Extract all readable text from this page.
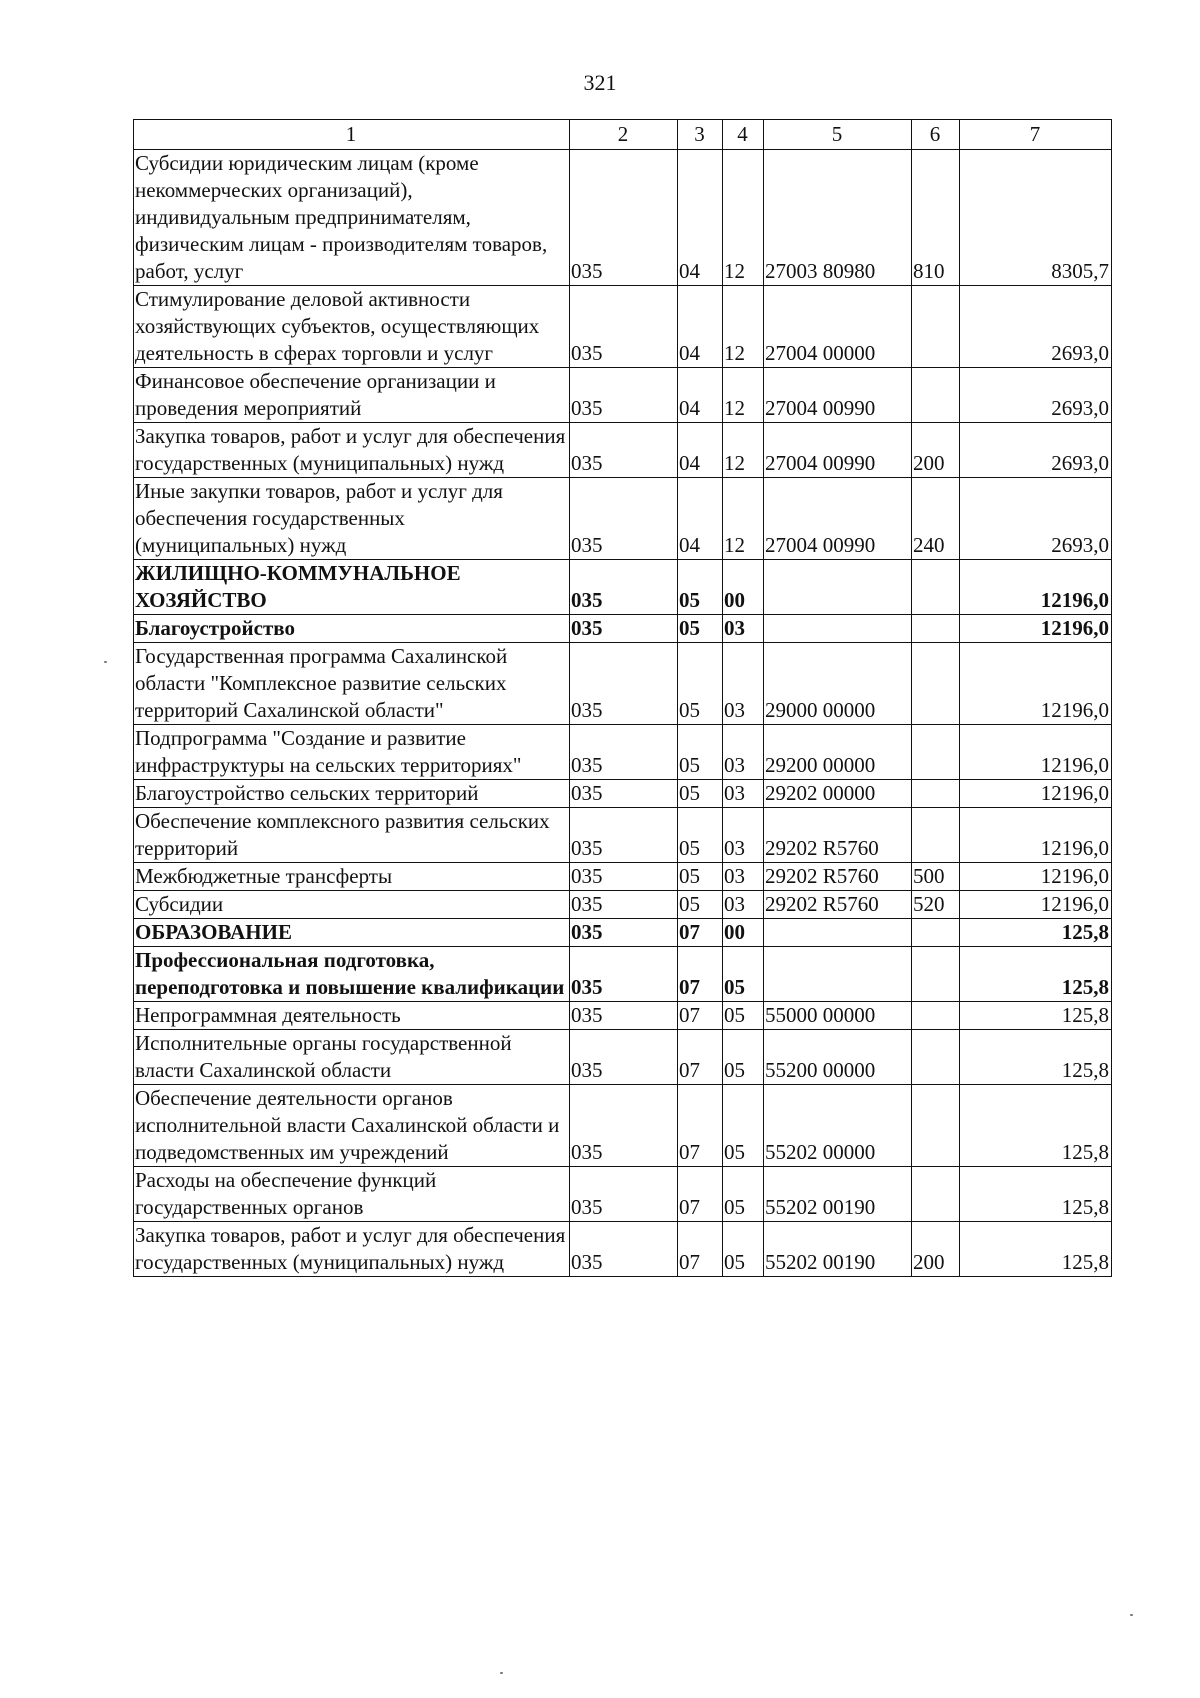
321
1	2	3	4	5	6	7
Субсидии юридическим лицам (кроме некоммерческих организаций), индивидуальным предпринимателям, физическим лицам - производителям товаров, работ, услуг	035	04	12	27003 80980	810	8305,7
Стимулирование деловой активности хозяйствующих субъектов, осуществляющих деятельность в сферах торговли и услуг	035	04	12	27004 00000		2693,0
Финансовое обеспечение организации и проведения мероприятий	035	04	12	27004 00990		2693,0
Закупка товаров, работ и услуг для обеспечения государственных (муниципальных) нужд	035	04	12	27004 00990	200	2693,0
Иные закупки товаров, работ и услуг для обеспечения государственных (муниципальных) нужд	035	04	12	27004 00990	240	2693,0
ЖИЛИЩНО-КОММУНАЛЬНОЕ ХОЗЯЙСТВО	035	05	00			12196,0
Благоустройство	035	05	03			12196,0
Государственная программа Сахалинской области "Комплексное развитие сельских территорий Сахалинской области"	035	05	03	29000 00000		12196,0
Подпрограмма "Создание и развитие инфраструктуры на сельских территориях"	035	05	03	29200 00000		12196,0
Благоустройство сельских территорий	035	05	03	29202 00000		12196,0
Обеспечение комплексного развития сельских территорий	035	05	03	29202 R5760		12196,0
Межбюджетные трансферты	035	05	03	29202 R5760	500	12196,0
Субсидии	035	05	03	29202 R5760	520	12196,0
ОБРАЗОВАНИЕ	035	07	00			125,8
Профессиональная подготовка, переподготовка и повышение квалификации	035	07	05			125,8
Непрограммная деятельность	035	07	05	55000 00000		125,8
Исполнительные органы государственной власти Сахалинской области	035	07	05	55200 00000		125,8
Обеспечение деятельности органов исполнительной власти Сахалинской области и подведомственных им учреждений	035	07	05	55202 00000		125,8
Расходы на обеспечение функций государственных органов	035	07	05	55202 00190		125,8
Закупка товаров, работ и услуг для обеспечения государственных (муниципальных) нужд	035	07	05	55202 00190	200	125,8
